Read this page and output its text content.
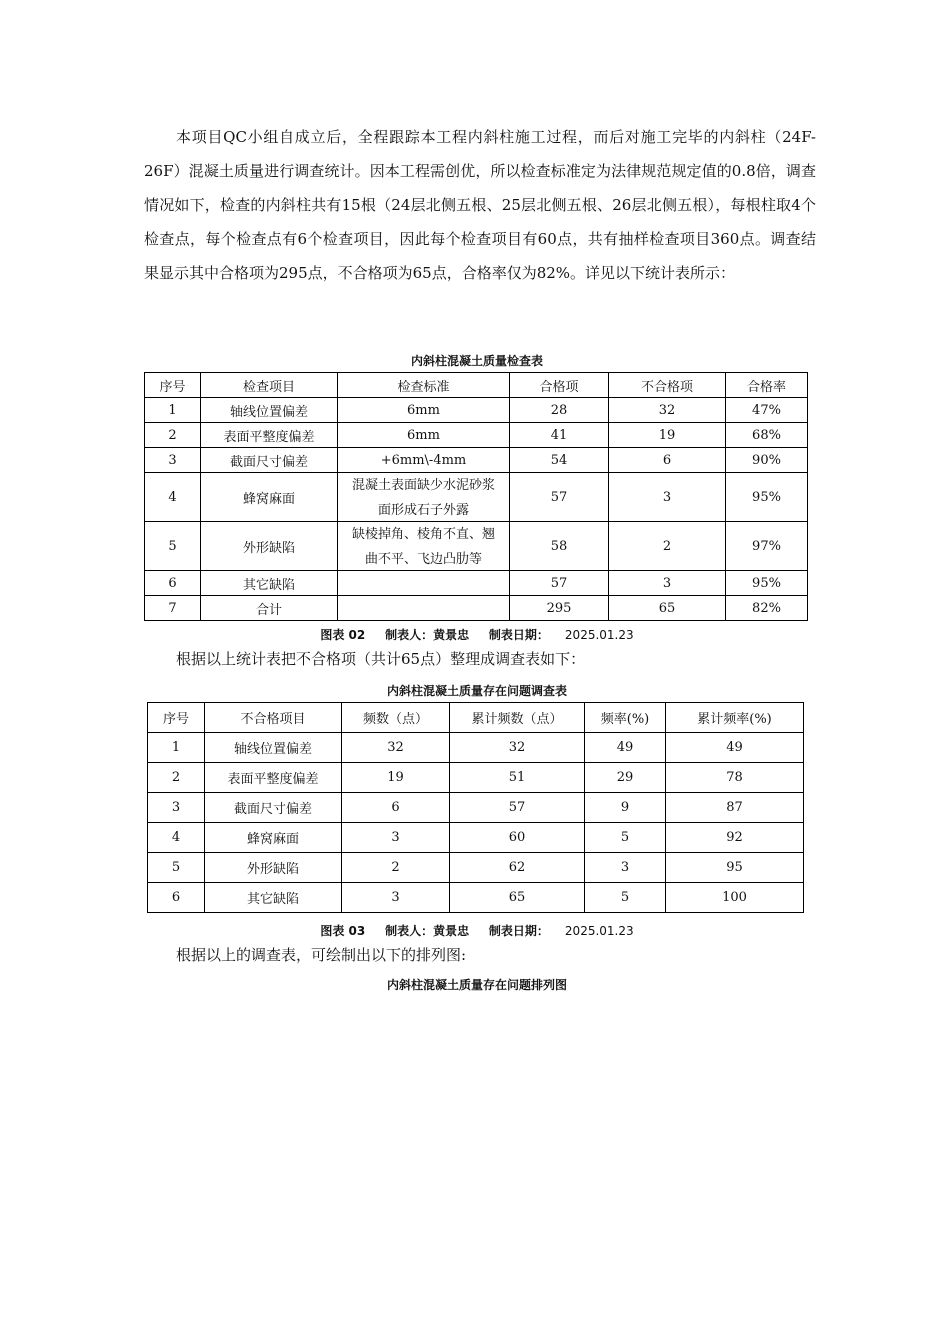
本项目QC小组自成立后，全程跟踪本工程内斜柱施工过程，而后对施工完毕的内斜柱（24F-26F）混凝土质量进行调查统计。因本工程需创优，所以检查标准定为法律规范规定值的0.8倍，调查情况如下，检查的内斜柱共有15根（24层北侧五根、25层北侧五根、26层北侧五根），每根柱取4个检查点，每个检查点有6个检查项目，因此每个检查项目有60点，共有抽样检查项目360点。调查结果显示其中合格项为295点，不合格项为65点，合格率仅为82%。详见以下统计表所示：

内斜柱混凝土质量检查表
序号	检查项目	检查标准	合格项	不合格项	合格率
1	轴线位置偏差	6mm	28	32	47%
2	表面平整度偏差	6mm	41	19	68%
3	截面尺寸偏差	+6mm\-4mm	54	6	90%
4	蜂窝麻面	混凝土表面缺少水泥砂浆面形成石子外露	57	3	95%
5	外形缺陷	缺棱掉角、棱角不直、翘曲不平、飞边凸肋等	58	2	97%
6	其它缺陷		57	3	95%
7	合计		295	65	82%
图表 02 制表人：黄景忠 制表日期： 2025.01.23

根据以上统计表把不合格项（共计65点）整理成调查表如下：

内斜柱混凝土质量存在问题调查表
序号	不合格项目	频数（点）	累计频数（点）	频率(%)	累计频率(%)
1	轴线位置偏差	32	32	49	49
2	表面平整度偏差	19	51	29	78
3	截面尺寸偏差	6	57	9	87
4	蜂窝麻面	3	60	5	92
5	外形缺陷	2	62	3	95
6	其它缺陷	3	65	5	100
图表 03 制表人：黄景忠 制表日期： 2025.01.23

根据以上的调查表，可绘制出以下的排列图:

内斜柱混凝土质量存在问题排列图
